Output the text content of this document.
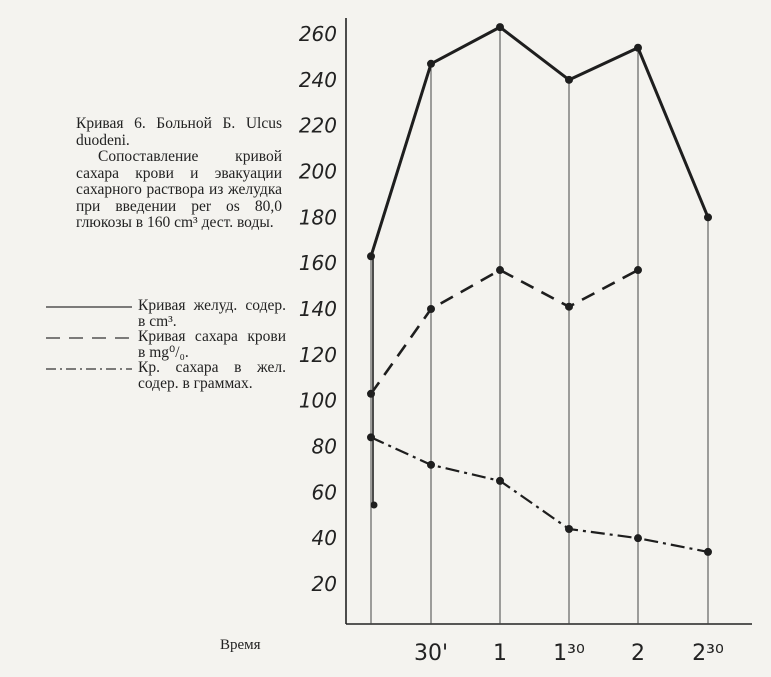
Кривая 6. Больной Б. Ulcus duodeni.

Сопоставление кривой сахара крови и эвакуации сахарного раствора из желудка при введении per os 80,0 глюкозы в 160 cm³ дест. воды.

Кривая желуд. содер. в cm³.
Кривая сахара крови в mg⁰/₀.
Кр. сахара в жел. содер. в граммах.
Время
20
40
60
80
100
120
140
160
180
200
220
240
260
30' 1 1³⁰ 2 2³⁰
